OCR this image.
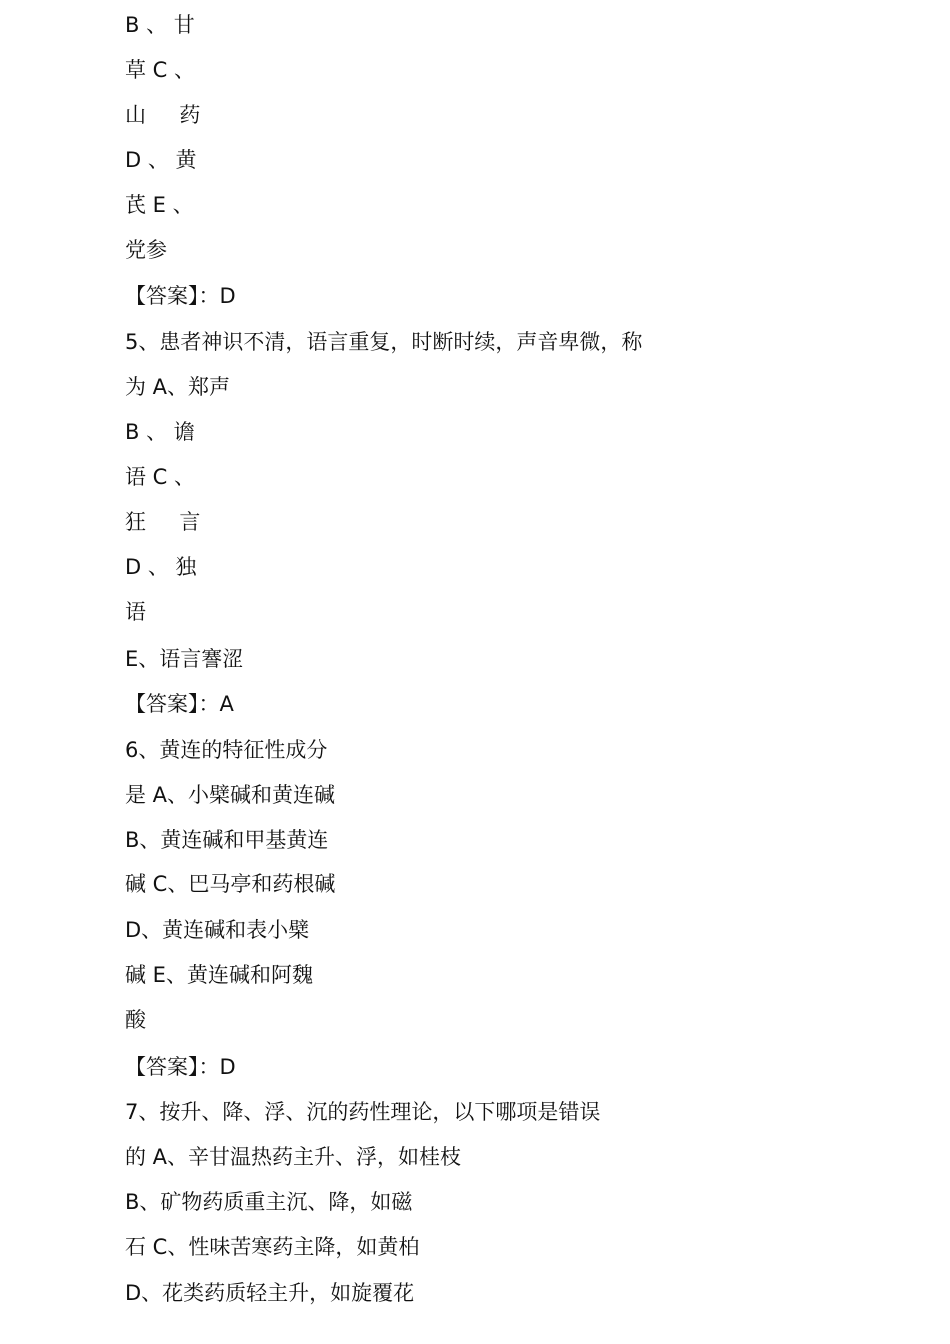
B 、 甘
草 C 、
山     药
D 、 黄
芪 E 、
党参
【答案】：D
5、患者神识不清，语言重复，时断时续，声音卑微，称
为 A、郑声
B 、 谵
语 C 、
狂     言
D 、 独
语
E、语言謇涩
【答案】：A
6、黄连的特征性成分
是 A、小檗碱和黄连碱
B、黄连碱和甲基黄连
碱 C、巴马亭和药根碱
D、黄连碱和表小檗
碱 E、黄连碱和阿魏
酸
【答案】：D
7、按升、降、浮、沉的药性理论，以下哪项是错误
的 A、辛甘温热药主升、浮，如桂枝
B、矿物药质重主沉、降，如磁
石 C、性味苦寒药主降，如黄柏
D、花类药质轻主升，如旋覆花
